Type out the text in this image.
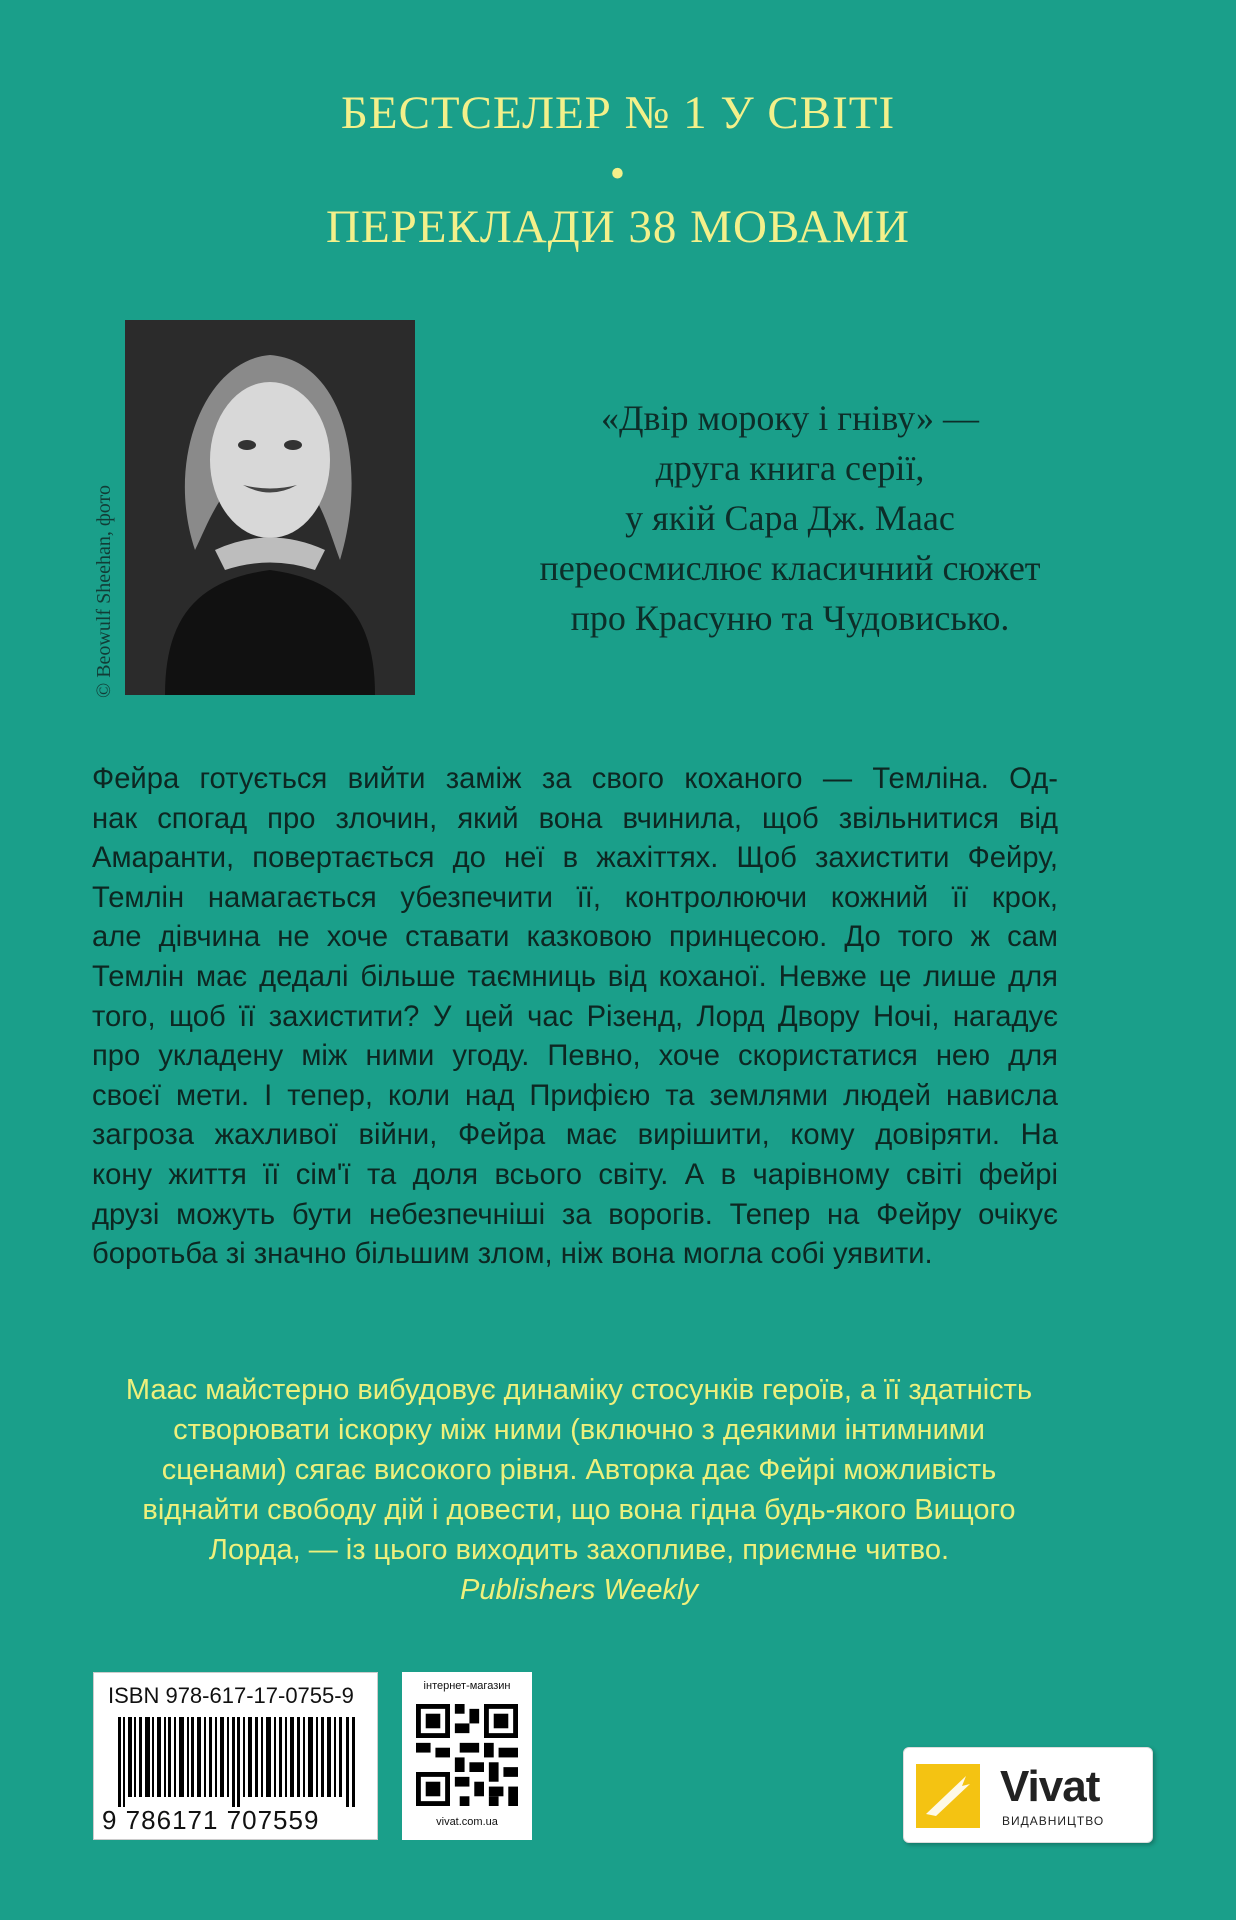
БЕСТСЕЛЕР № 1 У СВІТІ
•
ПЕРЕКЛАДИ 38 МОВАМИ
© Beowulf Sheehan, фото
«Двір мороку і гніву» —
друга книга серії,
у якій Сара Дж. Маас
переосмислює класичний сюжет
про Красуню та Чудовисько.
Фейра готується вийти заміж за свого коханого — Темліна. Од-
нак спогад про злочин, який вона вчинила, щоб звільнитися від
Амаранти, повертається до неї в жахіттях. Щоб захистити Фейру,
Темлін намагається убезпечити її, контролюючи кожний її крок,
але дівчина не хоче ставати казковою принцесою. До того ж сам
Темлін має дедалі більше таємниць від коханої. Невже це лише для
того, щоб її захистити? У цей час Різенд, Лорд Двору Ночі, нагадує
про укладену між ними угоду. Певно, хоче скористатися нею для
своєї мети. І тепер, коли над Прифією та землями людей нависла
загроза жахливої війни, Фейра має вирішити, кому довіряти. На
кону життя її сім'ї та доля всього світу. А в чарівному світі фейрі
друзі можуть бути небезпечніші за ворогів. Тепер на Фейру очікує
боротьба зі значно більшим злом, ніж вона могла собі уявити.
Маас майстерно вибудовує динаміку стосунків героїв, а її здатність
створювати іскорку між ними (включно з деякими інтимними
сценами) сягає високого рівня. Авторка дає Фейрі можливість
віднайти свободу дій і довести, що вона гідна будь-якого Вищого
Лорда, — із цього виходить захопливе, приємне читво.
Publishers Weekly
ISBN 978-617-17-0755-9
9 786171 707559
інтернет-магазин
vivat.com.ua
Vivat
ВИДАВНИЦТВО
